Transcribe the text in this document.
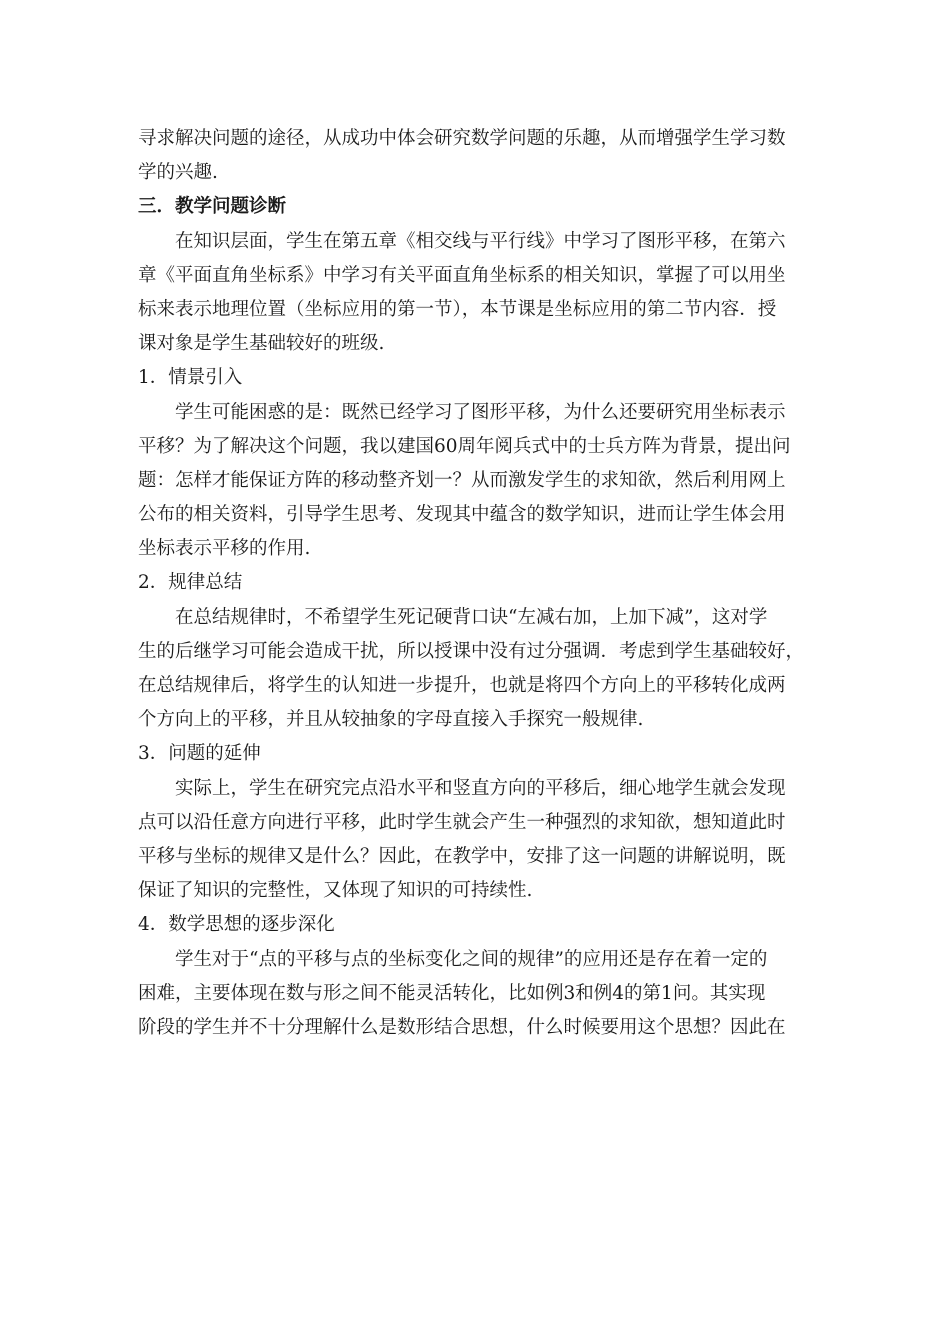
寻求解决问题的途径，从成功中体会研究数学问题的乐趣，从而增强学生学习数
学的兴趣.
三．教学问题诊断
在知识层面，学生在第五章《相交线与平行线》中学习了图形平移，在第六
章《平面直角坐标系》中学习有关平面直角坐标系的相关知识，掌握了可以用坐
标来表示地理位置（坐标应用的第一节），本节课是坐标应用的第二节内容．授
课对象是学生基础较好的班级.
1．情景引入
学生可能困惑的是：既然已经学习了图形平移，为什么还要研究用坐标表示
平移？为了解决这个问题，我以建国60周年阅兵式中的士兵方阵为背景，提出问
题：怎样才能保证方阵的移动整齐划一？从而激发学生的求知欲，然后利用网上
公布的相关资料，引导学生思考、发现其中蕴含的数学知识，进而让学生体会用
坐标表示平移的作用.
2．规律总结
在总结规律时，不希望学生死记硬背口诀“左减右加，上加下减”，这对学
生的后继学习可能会造成干扰，所以授课中没有过分强调．考虑到学生基础较好，
在总结规律后，将学生的认知进一步提升，也就是将四个方向上的平移转化成两
个方向上的平移，并且从较抽象的字母直接入手探究一般规律.
3．问题的延伸
实际上，学生在研究完点沿水平和竖直方向的平移后，细心地学生就会发现
点可以沿任意方向进行平移，此时学生就会产生一种强烈的求知欲，想知道此时
平移与坐标的规律又是什么？因此，在教学中，安排了这一问题的讲解说明，既
保证了知识的完整性，又体现了知识的可持续性.
4．数学思想的逐步深化
学生对于“点的平移与点的坐标变化之间的规律”的应用还是存在着一定的
困难，主要体现在数与形之间不能灵活转化，比如例3和例4的第1问。其实现
阶段的学生并不十分理解什么是数形结合思想，什么时候要用这个思想？因此在
